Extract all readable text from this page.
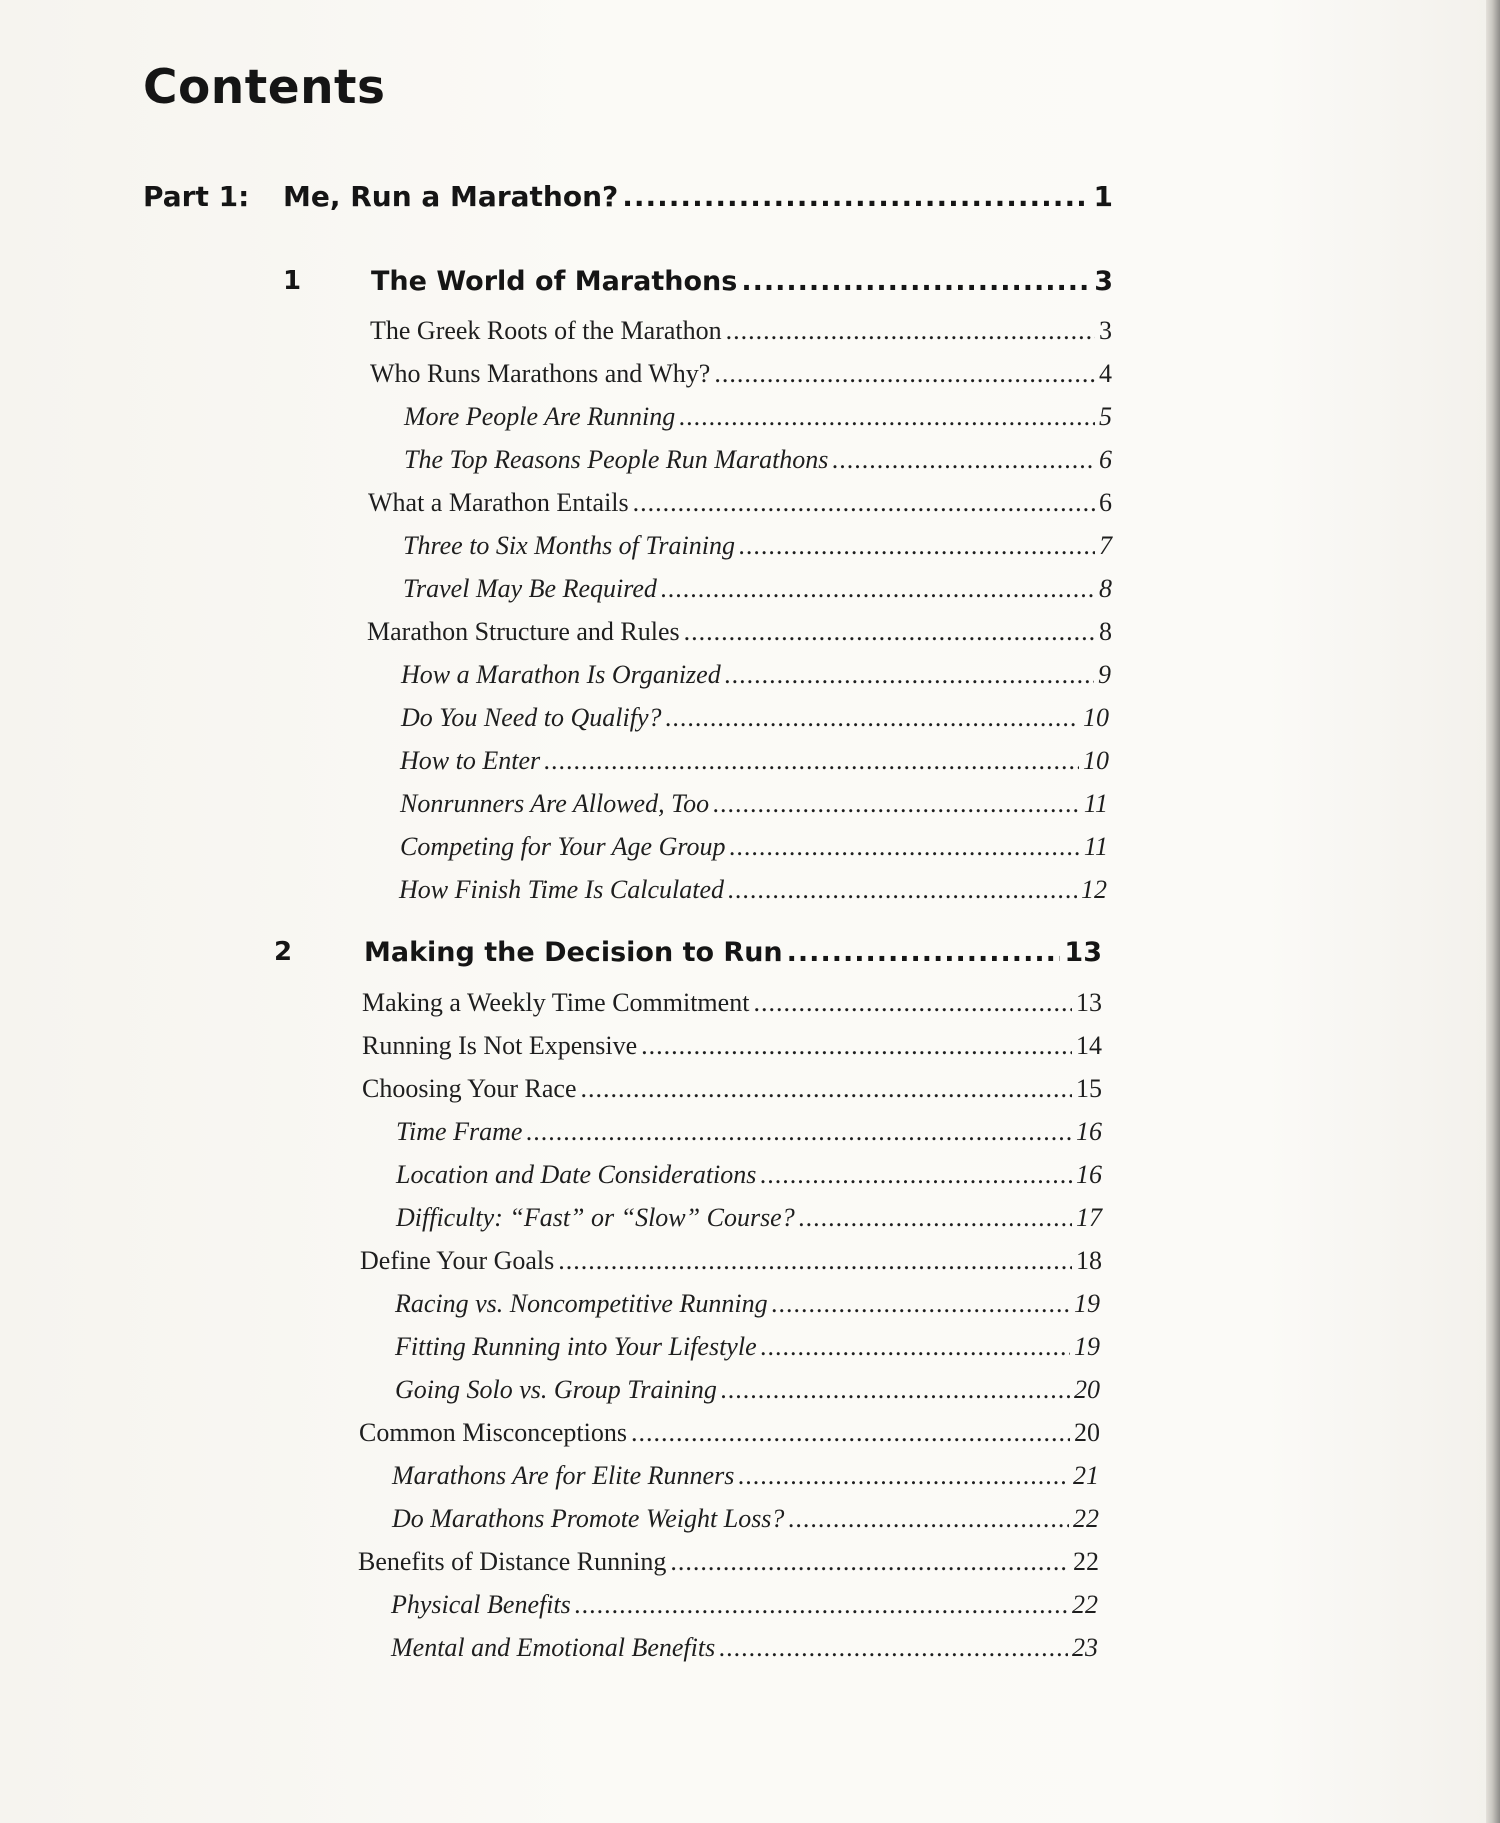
Contents
Part 1: Me, Run a Marathon? .....	1
1	The World of Marathons .....	3
The Greek Roots of the Marathon .....	3
Who Runs Marathons and Why? .....	4
More People Are Running .....	5
The Top Reasons People Run Marathons .....	6
What a Marathon Entails .....	6
Three to Six Months of Training .....	7
Travel May Be Required .....	8
Marathon Structure and Rules .....	8
How a Marathon Is Organized .....	9
Do You Need to Qualify? .....	10
How to Enter .....	10
Nonrunners Are Allowed, Too .....	11
Competing for Your Age Group .....	11
How Finish Time Is Calculated .....	12
2	Making the Decision to Run .....	13
Making a Weekly Time Commitment .....	13
Running Is Not Expensive .....	14
Choosing Your Race .....	15
Time Frame .....	16
Location and Date Considerations .....	16
Difficulty: “Fast” or “Slow” Course? .....	17
Define Your Goals .....	18
Racing vs. Noncompetitive Running .....	19
Fitting Running into Your Lifestyle .....	19
Going Solo vs. Group Training .....	20
Common Misconceptions .....	20
Marathons Are for Elite Runners .....	21
Do Marathons Promote Weight Loss? .....	22
Benefits of Distance Running .....	22
Physical Benefits .....	22
Mental and Emotional Benefits .....	23
